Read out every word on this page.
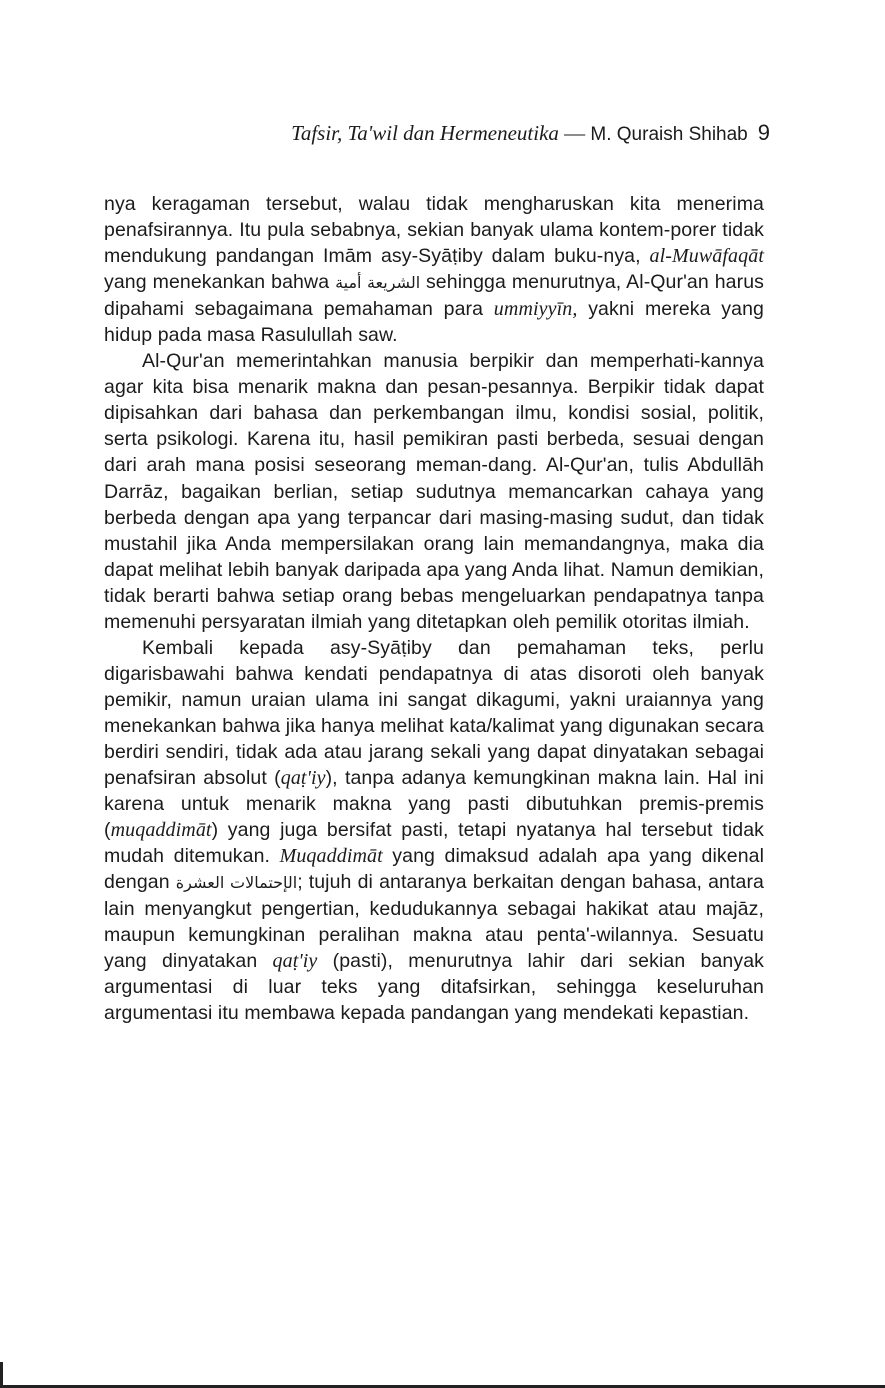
Tafsir, Ta'wil dan Hermeneutika — M. Quraish Shihab 9

nya keragaman tersebut, walau tidak mengharuskan kita menerima penafsirannya. Itu pula sebabnya, sekian banyak ulama kontem-porer tidak mendukung pandangan Imām asy-Syāṭiby dalam buku-nya, al-Muwāfaqāt yang menekankan bahwa الشريعة أمية sehingga menurutnya, Al-Qur'an harus dipahami sebagaimana pemahaman para ummiyyīn, yakni mereka yang hidup pada masa Rasulullah saw.

Al-Qur'an memerintahkan manusia berpikir dan memperhati-kannya agar kita bisa menarik makna dan pesan-pesannya. Berpikir tidak dapat dipisahkan dari bahasa dan perkembangan ilmu, kondisi sosial, politik, serta psikologi. Karena itu, hasil pemikiran pasti berbeda, sesuai dengan dari arah mana posisi seseorang meman-dang. Al-Qur'an, tulis Abdullāh Darrāz, bagaikan berlian, setiap sudutnya memancarkan cahaya yang berbeda dengan apa yang terpancar dari masing-masing sudut, dan tidak mustahil jika Anda mempersilakan orang lain memandangnya, maka dia dapat melihat lebih banyak daripada apa yang Anda lihat. Namun demikian, tidak berarti bahwa setiap orang bebas mengeluarkan pendapatnya tanpa memenuhi persyaratan ilmiah yang ditetapkan oleh pemilik otoritas ilmiah.

Kembali kepada asy-Syāṭiby dan pemahaman teks, perlu digarisbawahi bahwa kendati pendapatnya di atas disoroti oleh banyak pemikir, namun uraian ulama ini sangat dikagumi, yakni uraiannya yang menekankan bahwa jika hanya melihat kata/kalimat yang digunakan secara berdiri sendiri, tidak ada atau jarang sekali yang dapat dinyatakan sebagai penafsiran absolut (qaṭ'iy), tanpa adanya kemungkinan makna lain. Hal ini karena untuk menarik makna yang pasti dibutuhkan premis-premis (muqaddimāt) yang juga bersifat pasti, tetapi nyatanya hal tersebut tidak mudah ditemukan. Muqaddimāt yang dimaksud adalah apa yang dikenal dengan الإحتمالات العشرة; tujuh di antaranya berkaitan dengan bahasa, antara lain menyangkut pengertian, kedudukannya sebagai hakikat atau majāz, maupun kemungkinan peralihan makna atau penta'-wilannya. Sesuatu yang dinyatakan qaṭ'iy (pasti), menurutnya lahir dari sekian banyak argumentasi di luar teks yang ditafsirkan, sehingga keseluruhan argumentasi itu membawa kepada pandangan yang mendekati kepastian.
